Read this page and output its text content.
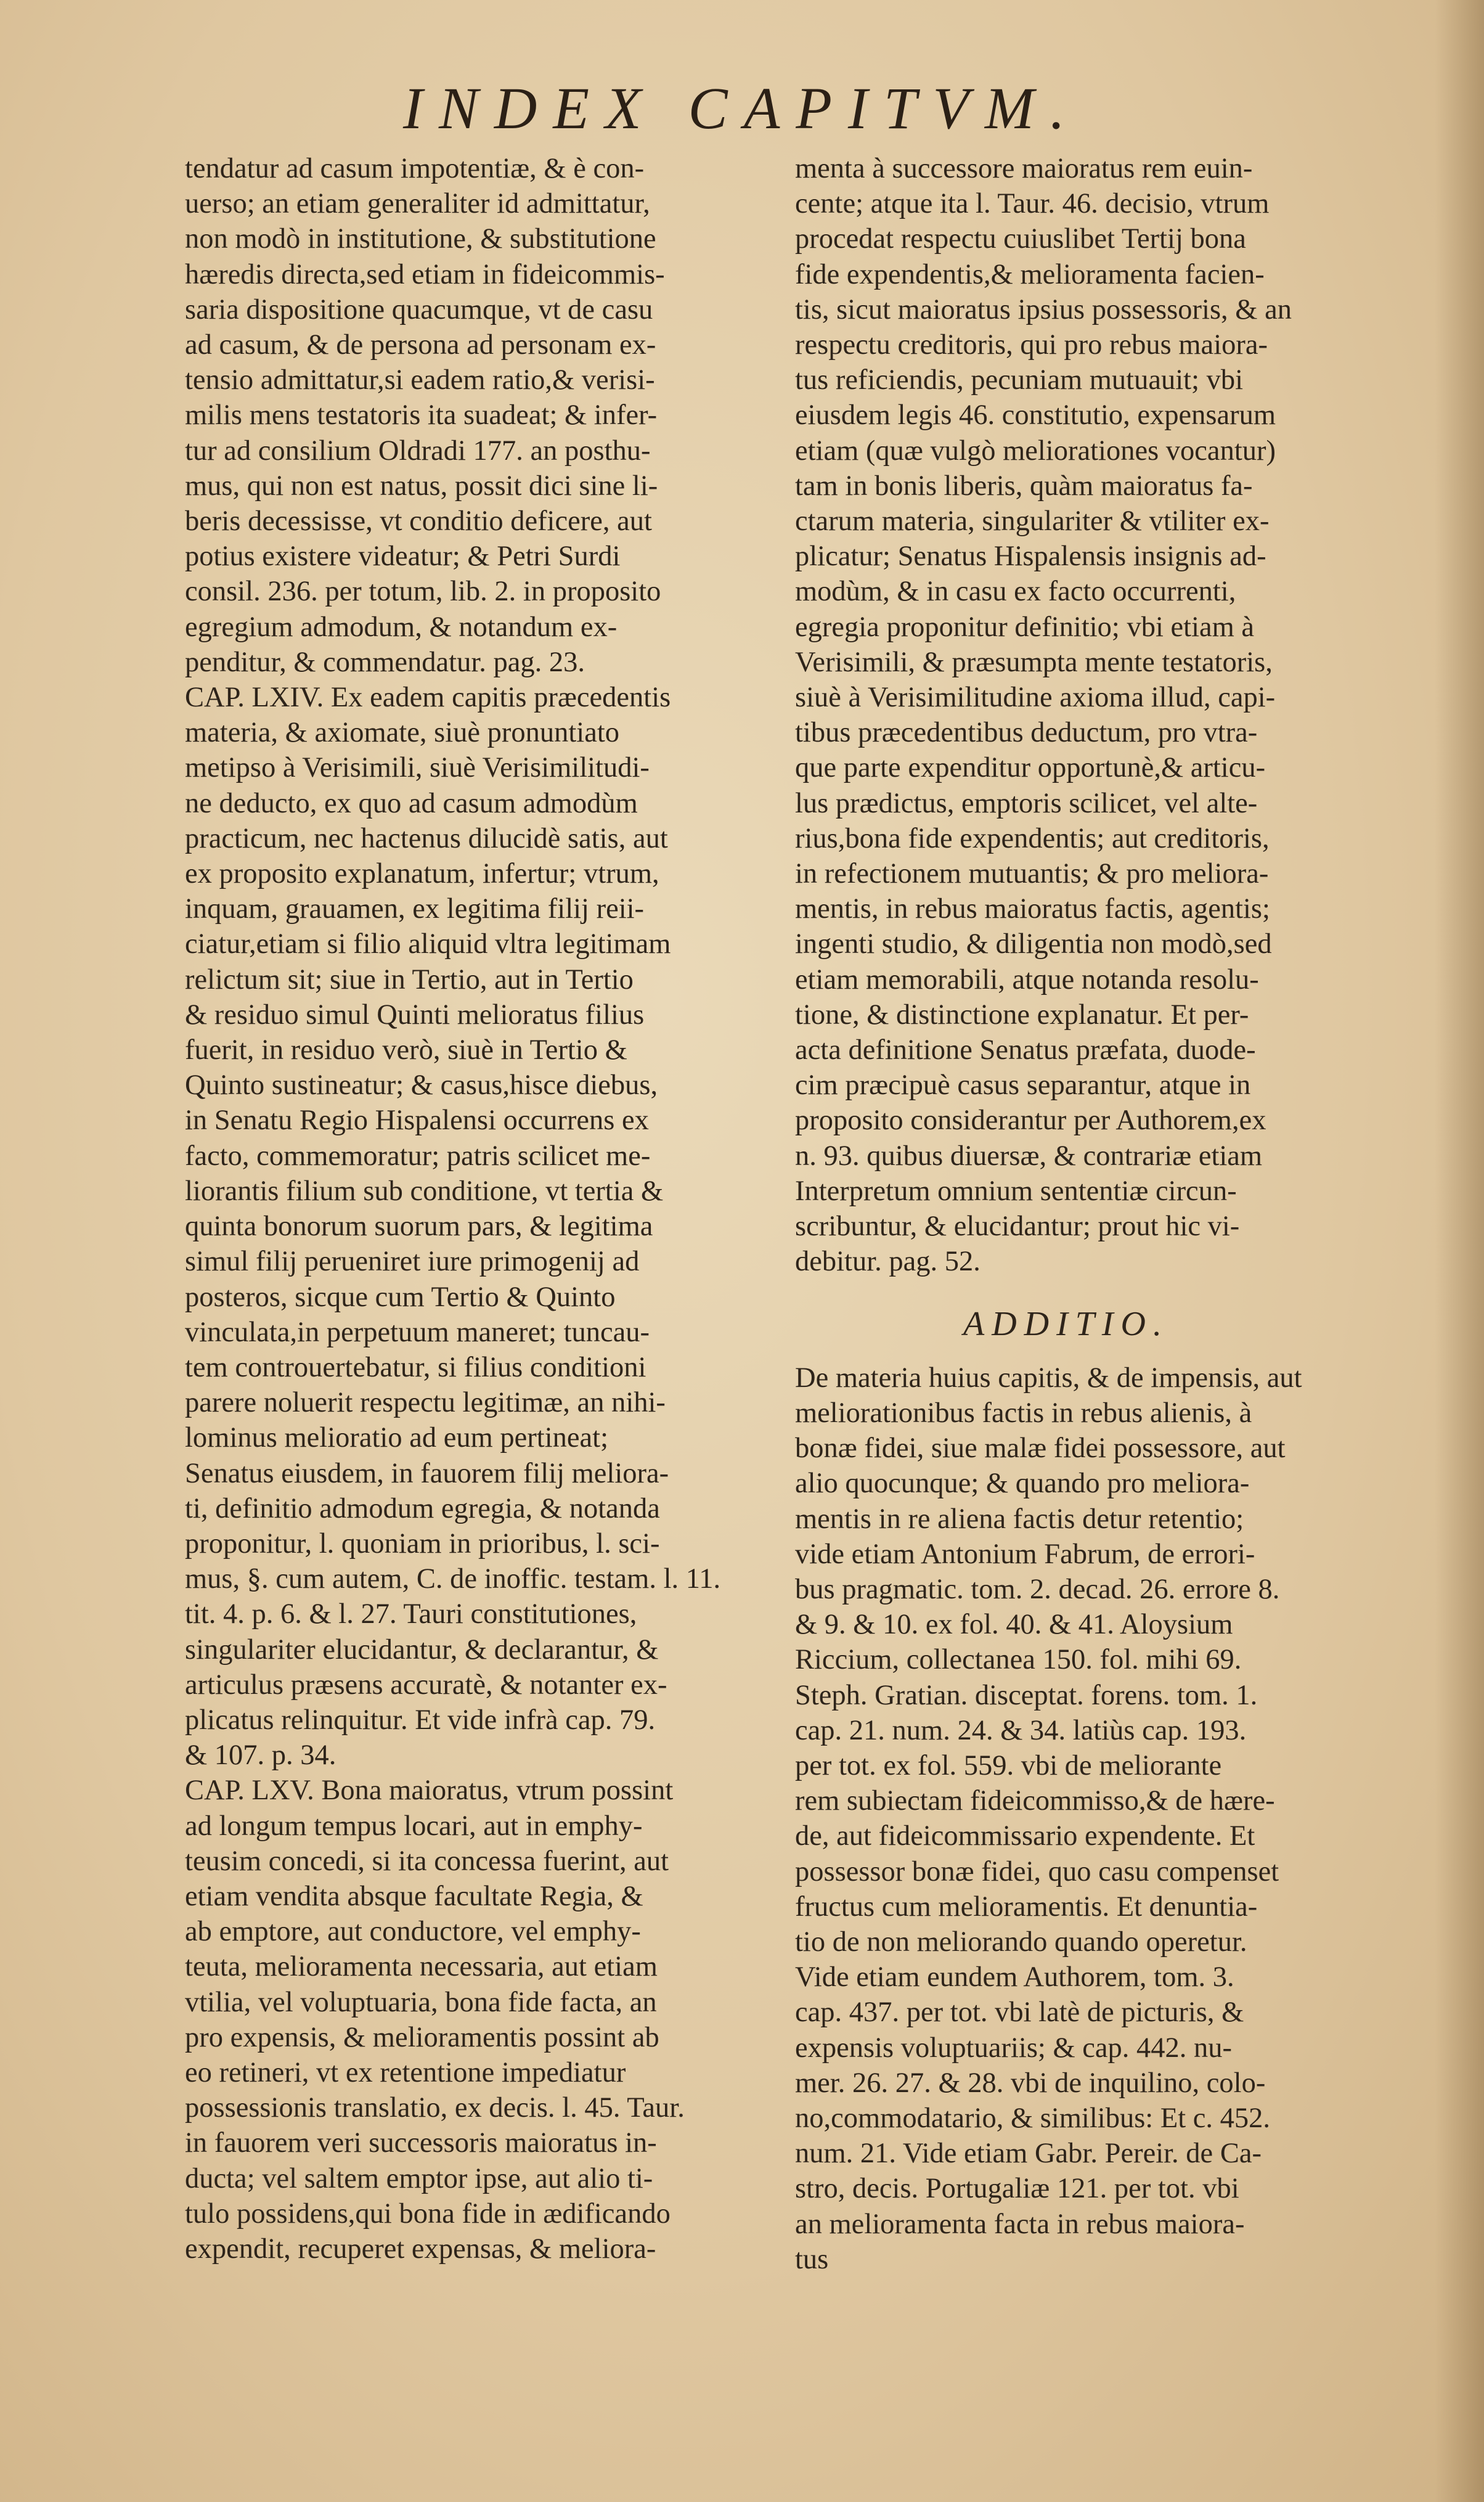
INDEX CAPITVM.
tendatur ad casum impotentiæ, & è con-
uerso; an etiam generaliter id admittatur,
non modò in institutione, & substitutione
hæredis directa,sed etiam in fideicommis-
saria dispositione quacumque, vt de casu
ad casum, & de persona ad personam ex-
tensio admittatur,si eadem ratio,& verisi-
milis mens testatoris ita suadeat; & infer-
tur ad consilium Oldradi 177. an posthu-
mus, qui non est natus, possit dici sine li-
beris decessisse, vt conditio deficere, aut
potius existere videatur; & Petri Surdi
consil. 236. per totum, lib. 2. in proposito
egregium admodum, & notandum ex-
penditur, & commendatur. pag. 23.
CAP. LXIV. Ex eadem capitis præcedentis
materia, & axiomate, siuè pronuntiato
metipso à Verisimili, siuè Verisimilitudi-
ne deducto, ex quo ad casum admodùm
practicum, nec hactenus dilucidè satis, aut
ex proposito explanatum, infertur; vtrum,
inquam, grauamen, ex legitima filij reii-
ciatur,etiam si filio aliquid vltra legitimam
relictum sit; siue in Tertio, aut in Tertio
& residuo simul Quinti melioratus filius
fuerit, in residuo verò, siuè in Tertio &
Quinto sustineatur; & casus,hisce diebus,
in Senatu Regio Hispalensi occurrens ex
facto, commemoratur; patris scilicet me-
liorantis filium sub conditione, vt tertia &
quinta bonorum suorum pars, & legitima
simul filij perueniret iure primogenij ad
posteros, sicque cum Tertio & Quinto
vinculata,in perpetuum maneret; tuncau-
tem controuertebatur, si filius conditioni
parere noluerit respectu legitimæ, an nihi-
lominus melioratio ad eum pertineat;
Senatus eiusdem, in fauorem filij meliora-
ti, definitio admodum egregia, & notanda
proponitur, l. quoniam in prioribus, l. sci-
mus, §. cum autem, C. de inoffic. testam. l. 11.
tit. 4. p. 6. & l. 27. Tauri constitutiones,
singulariter elucidantur, & declarantur, &
articulus præsens accuratè, & notanter ex-
plicatus relinquitur. Et vide infrà cap. 79.
& 107. p. 34.
CAP. LXV. Bona maioratus, vtrum possint
ad longum tempus locari, aut in emphy-
teusim concedi, si ita concessa fuerint, aut
etiam vendita absque facultate Regia, &
ab emptore, aut conductore, vel emphy-
teuta, melioramenta necessaria, aut etiam
vtilia, vel voluptuaria, bona fide facta, an
pro expensis, & melioramentis possint ab
eo retineri, vt ex retentione impediatur
possessionis translatio, ex decis. l. 45. Taur.
in fauorem veri successoris maioratus in-
ducta; vel saltem emptor ipse, aut alio ti-
tulo possidens,qui bona fide in ædificando
expendit, recuperet expensas, & meliora-
menta à successore maioratus rem euin-
cente; atque ita l. Taur. 46. decisio, vtrum
procedat respectu cuiuslibet Tertij bona
fide expendentis,& melioramenta facien-
tis, sicut maioratus ipsius possessoris, & an
respectu creditoris, qui pro rebus maiora-
tus reficiendis, pecuniam mutuauit; vbi
eiusdem legis 46. constitutio, expensarum
etiam (quæ vulgò meliorationes vocantur)
tam in bonis liberis, quàm maioratus fa-
ctarum materia, singulariter & vtiliter ex-
plicatur; Senatus Hispalensis insignis ad-
modùm, & in casu ex facto occurrenti,
egregia proponitur definitio; vbi etiam à
Verisimili, & præsumpta mente testatoris,
siuè à Verisimilitudine axioma illud, capi-
tibus præcedentibus deductum, pro vtra-
que parte expenditur opportunè,& articu-
lus prædictus, emptoris scilicet, vel alte-
rius,bona fide expendentis; aut creditoris,
in refectionem mutuantis; & pro meliora-
mentis, in rebus maioratus factis, agentis;
ingenti studio, & diligentia non modò,sed
etiam memorabili, atque notanda resolu-
tione, & distinctione explanatur. Et per-
acta definitione Senatus præfata, duode-
cim præcipuè casus separantur, atque in
proposito considerantur per Authorem,ex
n. 93. quibus diuersæ, & contrariæ etiam
Interpretum omnium sententiæ circun-
scribuntur, & elucidantur; prout hic vi-
debitur. pag. 52.
ADDITIO.
De materia huius capitis, & de impensis, aut
meliorationibus factis in rebus alienis, à
bonæ fidei, siue malæ fidei possessore, aut
alio quocunque; & quando pro meliora-
mentis in re aliena factis detur retentio;
vide etiam Antonium Fabrum, de errori-
bus pragmatic. tom. 2. decad. 26. errore 8.
& 9. & 10. ex fol. 40. & 41. Aloysium
Riccium, collectanea 150. fol. mihi 69.
Steph. Gratian. disceptat. forens. tom. 1.
cap. 21. num. 24. & 34. latiùs cap. 193.
per tot. ex fol. 559. vbi de meliorante
rem subiectam fideicommisso,& de hære-
de, aut fideicommissario expendente. Et
possessor bonæ fidei, quo casu compenset
fructus cum melioramentis. Et denuntia-
tio de non meliorando quando operetur.
Vide etiam eundem Authorem, tom. 3.
cap. 437. per tot. vbi latè de picturis, &
expensis voluptuariis; & cap. 442. nu-
mer. 26. 27. & 28. vbi de inquilino, colo-
no,commodatario, & similibus: Et c. 452.
num. 21. Vide etiam Gabr. Pereir. de Ca-
stro, decis. Portugaliæ 121. per tot. vbi
an melioramenta facta in rebus maiora-
tus
